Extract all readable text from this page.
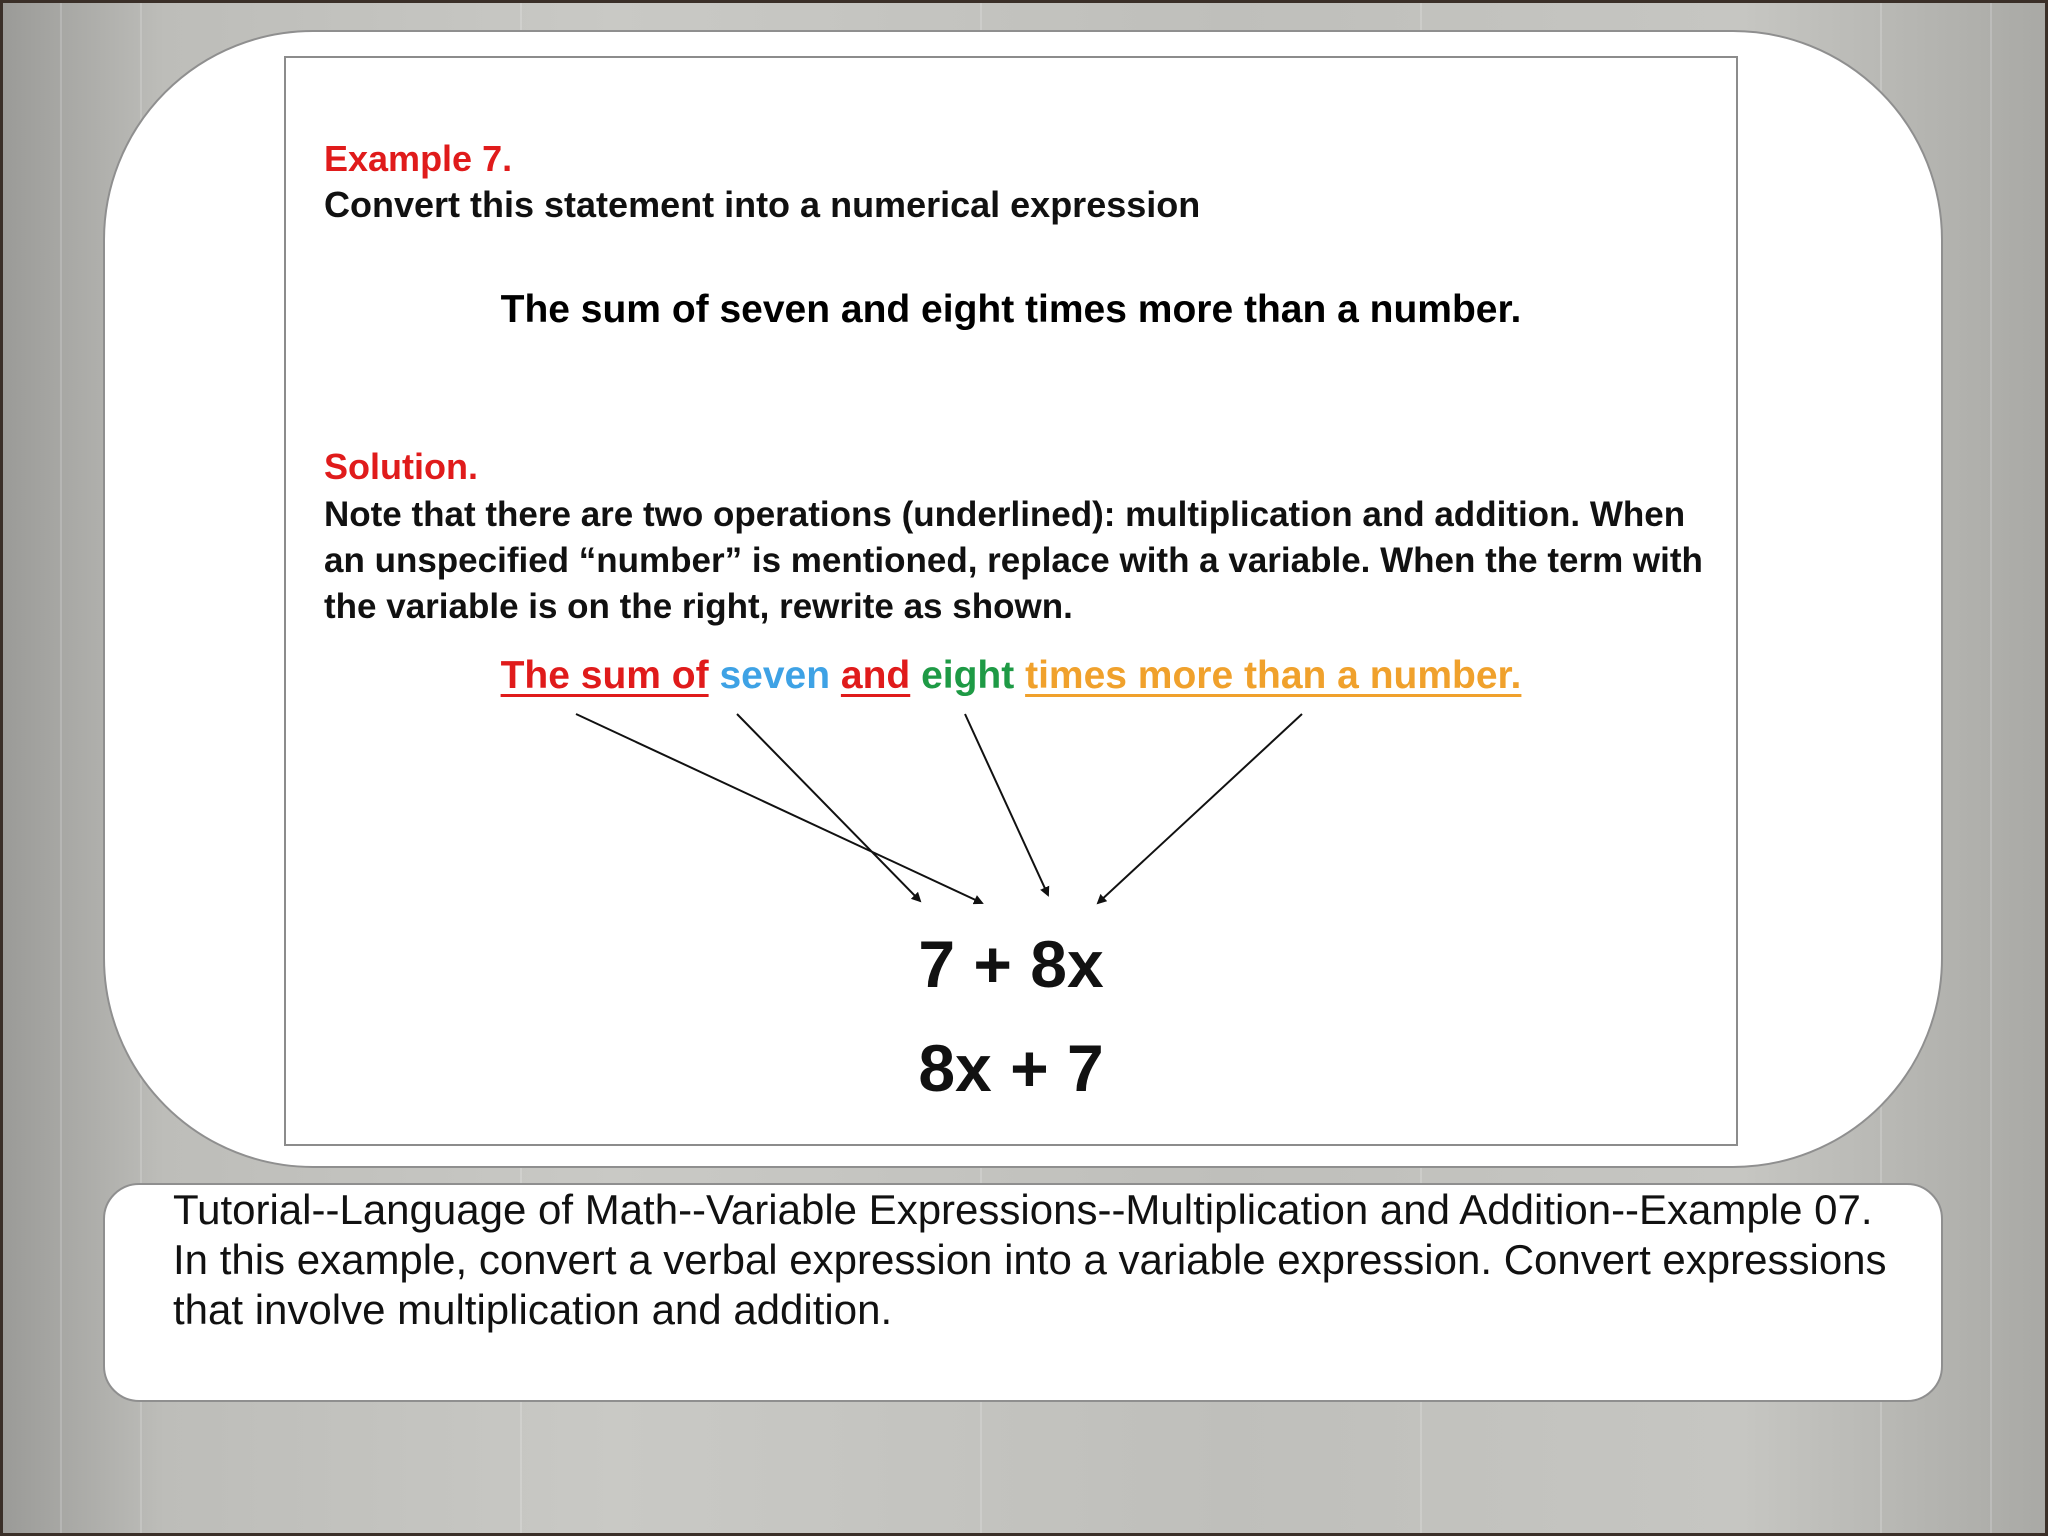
Example 7.
Convert this statement into a numerical expression
The sum of seven and eight times more than a number.
Solution.
Note that there are two operations (underlined): multiplication and addition. When an unspecified “number” is mentioned, replace with a variable. When the term with the variable is on the right, rewrite as shown.
The sum of seven and eight times more than a number.
7 + 8x
8x + 7
Tutorial--Language of Math--Variable Expressions--Multiplication and Addition--Example 07. In this example, convert a verbal expression into a variable expression. Convert expressions that involve multiplication and addition.
